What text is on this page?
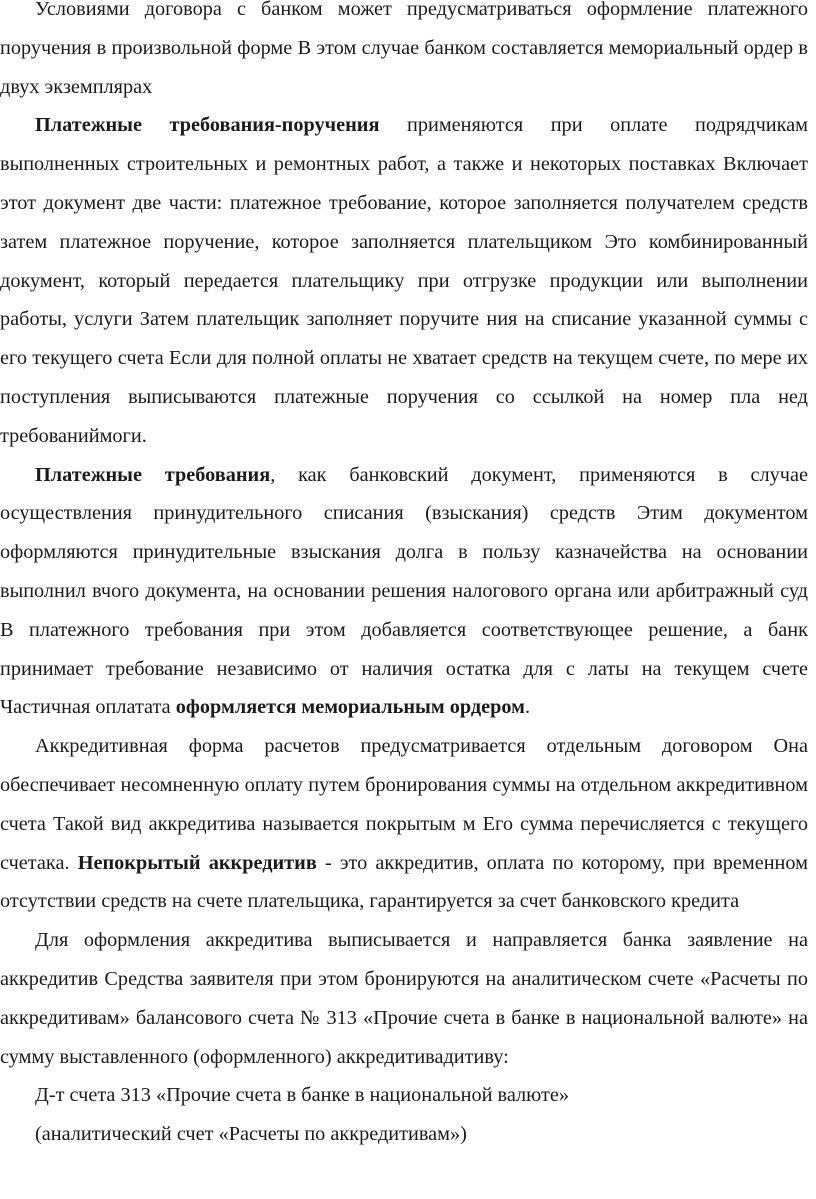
Условиями договора с банком может предусматриваться оформление платежного поручения в произвольной форме В этом случае банком составляется мемориальный ордер в двух экземплярах

Платежные требования-поручения применяются при оплате подрядчикам выполненных строительных и ремонтных работ, а также и некоторых поставках Включает этот документ две части: платежное требование, которое заполняется получателем средств затем платежное поручение, которое заполняется плательщиком Это комбинированный документ, который передается плательщику при отгрузке продукции или выполнении работы, услуги Затем плательщик заполняет поручите ния на списание указанной суммы с его текущего счета Если для полной оплаты не хватает средств на текущем счете, по мере их поступления выписываются платежные поручения со ссылкой на номер пла нед требованиймоги.

Платежные требования, как банковский документ, применяются в случае осуществления принудительного списания (взыскания) средств Этим документом оформляются принудительные взыскания долга в пользу казначейства на основании выполнил вчого документа, на основании решения налогового органа или арбитражный суд В платежного требования при этом добавляется соответствующее решение, а банк принимает требование независимо от наличия остатка для с латы на текущем счете Частичная оплатата оформляется мемориальным ордером.

Аккредитивная форма расчетов предусматривается отдельным договором Она обеспечивает несомненную оплату путем бронирования суммы на отдельном аккредитивном счета Такой вид аккредитива называется покрытым м Его сумма перечисляется с текущего счетака. Непокрытый аккредитив - это аккредитив, оплата по которому, при временном отсутствии средств на счете плательщика, гарантируется за счет банковского кредита

Для оформления аккредитива выписывается и направляется банка заявление на аккредитив Средства заявителя при этом бронируются на аналитическом счете «Расчеты по аккредитивам» балансового счета № 313 «Прочие счета в банке в национальной валюте» на сумму выставленного (оформленного) аккредитивадитиву:

Д-т счета 313 «Прочие счета в банке в национальной валюте»

(аналитический счет «Расчеты по аккредитивам»)
